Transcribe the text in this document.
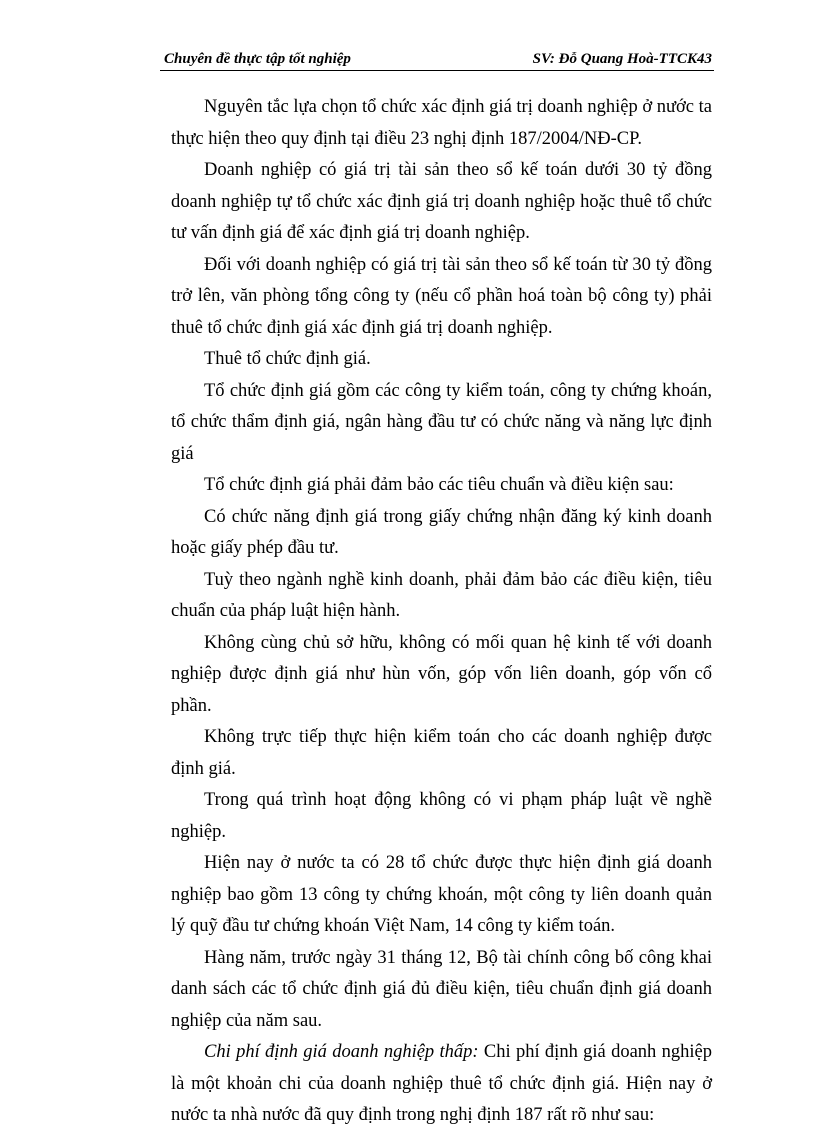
Chuyên đề thực tập tốt nghiệp	SV: Đỗ Quang Hoà-TTCK43

Nguyên tắc lựa chọn tổ chức xác định giá trị doanh nghiệp ở nước ta thực hiện theo quy định tại điều 23 nghị định 187/2004/NĐ-CP.

Doanh nghiệp có giá trị tài sản theo sổ kế toán dưới 30 tỷ đồng doanh nghiệp tự tổ chức xác định giá trị doanh nghiệp hoặc thuê tổ chức tư vấn định giá để xác định giá trị doanh nghiệp.

Đối với doanh nghiệp có giá trị tài sản theo sổ kế toán từ 30 tỷ đồng trở lên, văn phòng tổng công ty (nếu cổ phần hoá toàn bộ công ty) phải thuê tổ chức định giá xác định giá trị doanh nghiệp.

Thuê tổ chức định giá.

Tổ chức định giá gồm các công ty kiểm toán, công ty chứng khoán, tổ chức thẩm định giá, ngân hàng đầu tư có chức năng và năng lực định giá

Tổ chức định giá phải đảm bảo các tiêu chuẩn và điều kiện sau:

Có chức năng định giá trong giấy chứng nhận đăng ký kinh doanh hoặc giấy phép đầu tư.

Tuỳ theo ngành nghề kinh doanh, phải đảm bảo các điều kiện, tiêu chuẩn của pháp luật hiện hành.

Không cùng chủ sở hữu, không có mối quan hệ kinh tế với doanh nghiệp được định giá như hùn vốn, góp vốn liên doanh, góp vốn cổ phần.

Không trực tiếp thực hiện kiểm toán cho các doanh nghiệp được định giá.

Trong quá trình hoạt động không có vi phạm pháp luật về nghề nghiệp.

Hiện nay ở nước ta có 28 tổ chức được thực hiện định giá doanh nghiệp bao gồm 13 công ty chứng khoán, một công ty liên doanh quản lý quỹ đầu tư chứng khoán Việt Nam, 14 công ty kiểm toán.

Hàng năm, trước ngày 31 tháng 12, Bộ tài chính công bố công khai danh sách các tổ chức định giá đủ điều kiện, tiêu chuẩn định giá doanh nghiệp của năm sau.

Chi phí định giá doanh nghiệp thấp: Chi phí định giá doanh nghiệp là một khoản chi của doanh nghiệp thuê tổ chức định giá. Hiện nay ở nước ta nhà nước đã quy định trong nghị định 187 rất rõ như sau:
